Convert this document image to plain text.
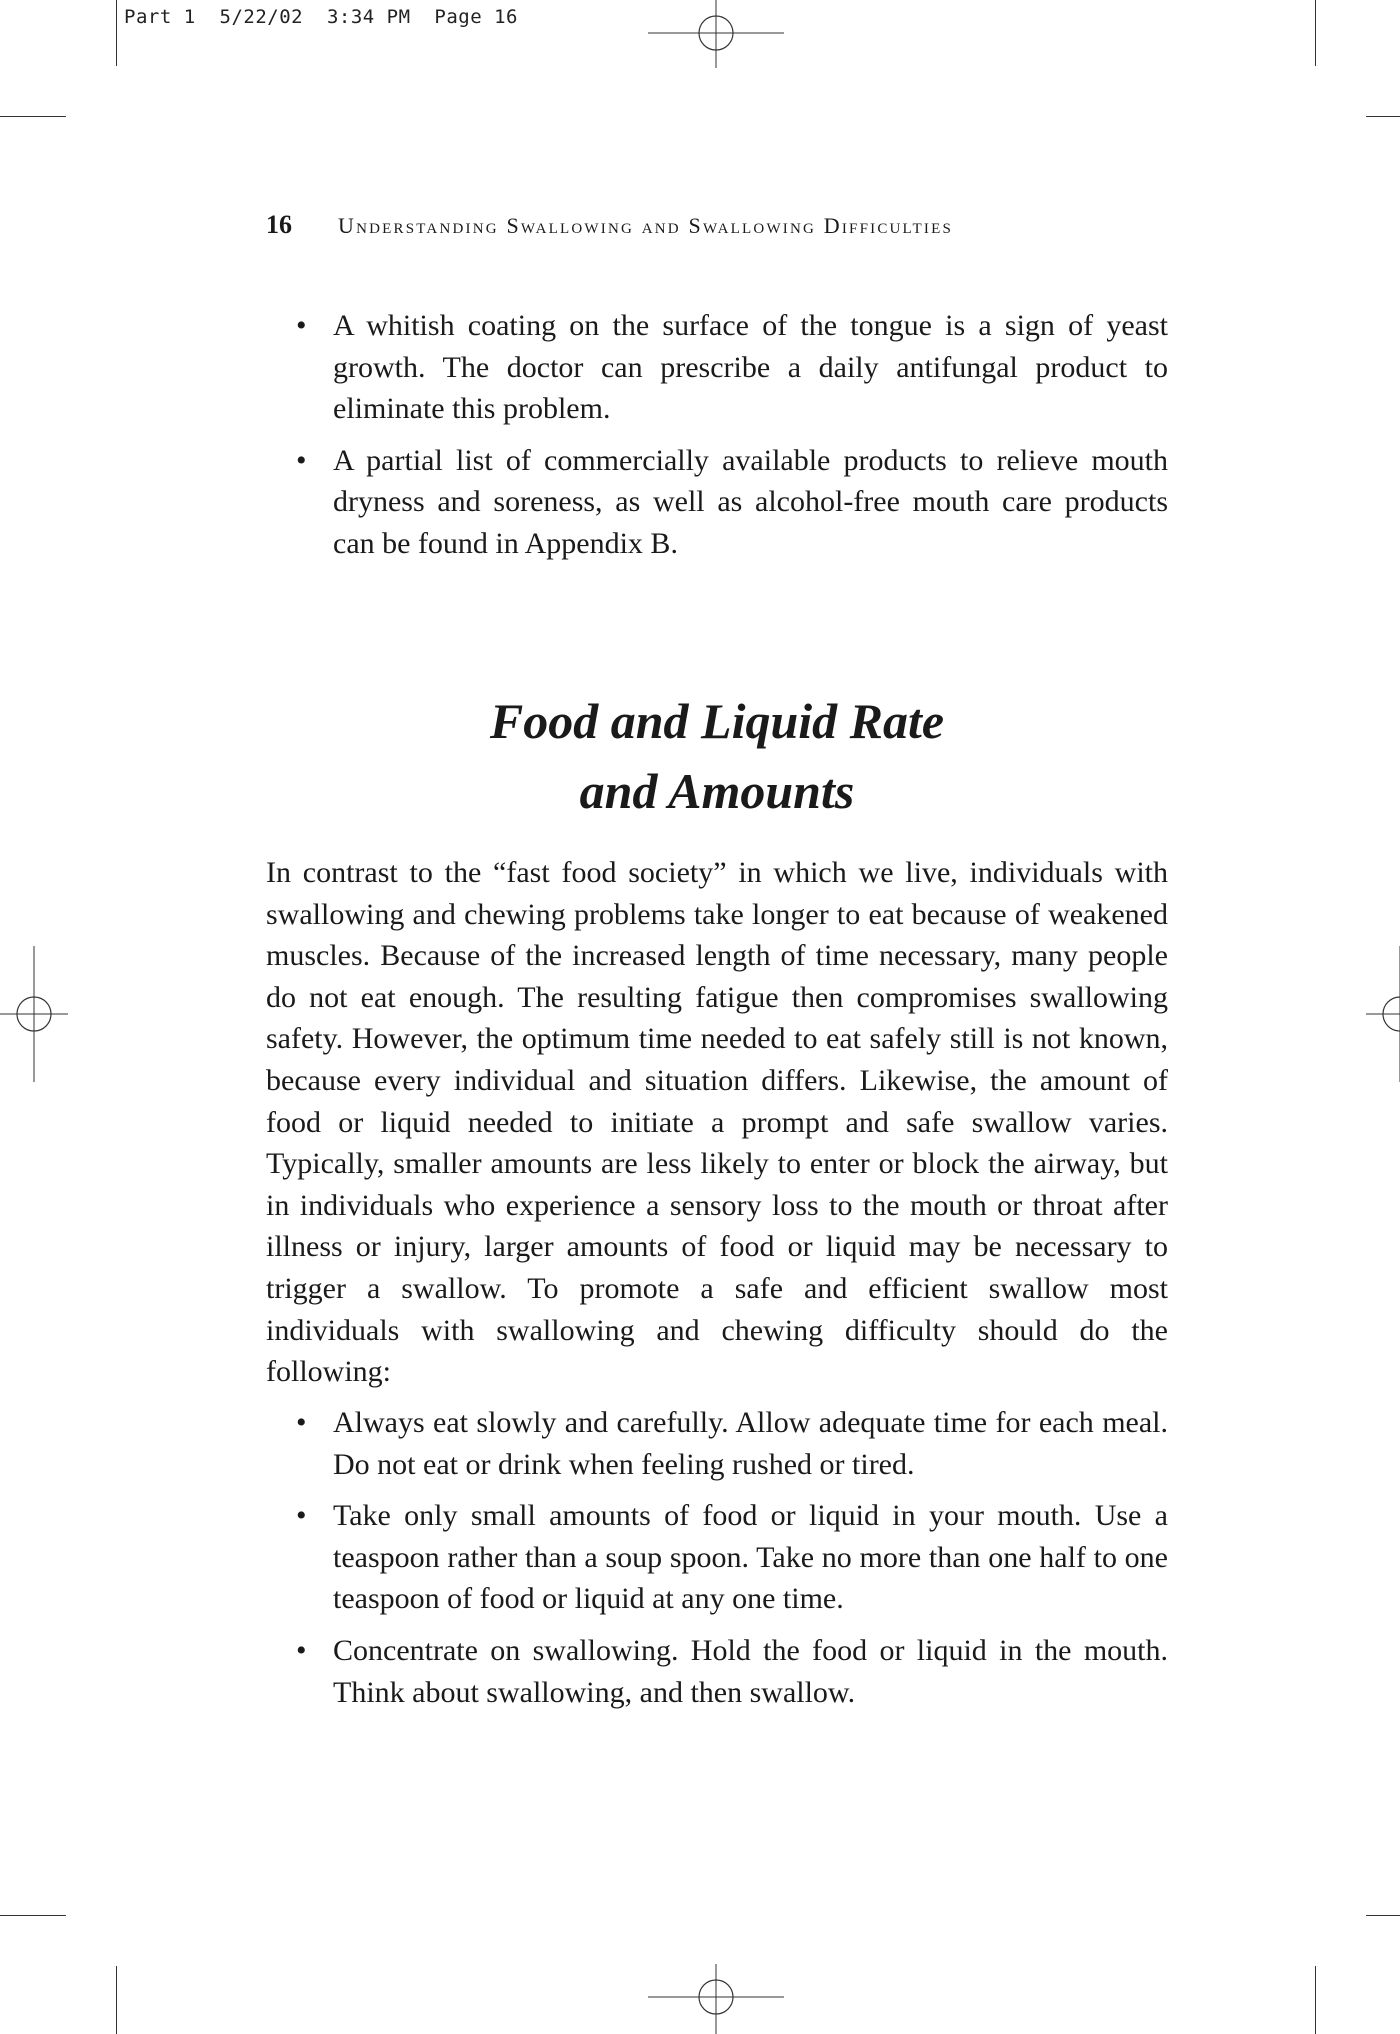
Part 1  5/22/02  3:34 PM  Page 16
16 Understanding Swallowing and Swallowing Difficulties
• A whitish coating on the surface of the tongue is a sign of yeast growth. The doctor can prescribe a daily antifungal product to eliminate this problem.

• A partial list of commercially available products to relieve mouth dryness and soreness, as well as alcohol-free mouth care products can be found in Appendix B.

Food and Liquid Rate
and Amounts

In contrast to the “fast food society” in which we live, individuals with swallowing and chewing problems take longer to eat because of weakened muscles. Because of the increased length of time necessary, many people do not eat enough. The resulting fatigue then compromises swallowing safety. However, the optimum time needed to eat safely still is not known, because every individual and situation differs. Likewise, the amount of food or liquid needed to initiate a prompt and safe swallow varies. Typically, smaller amounts are less likely to enter or block the airway, but in individuals who experience a sensory loss to the mouth or throat after illness or injury, larger amounts of food or liquid may be necessary to trigger a swallow. To promote a safe and efficient swallow most individuals with swallowing and chewing difficulty should do the following:

• Always eat slowly and carefully. Allow adequate time for each meal. Do not eat or drink when feeling rushed or tired.

• Take only small amounts of food or liquid in your mouth. Use a teaspoon rather than a soup spoon. Take no more than one half to one teaspoon of food or liquid at any one time.

• Concentrate on swallowing. Hold the food or liquid in the mouth. Think about swallowing, and then swallow.
